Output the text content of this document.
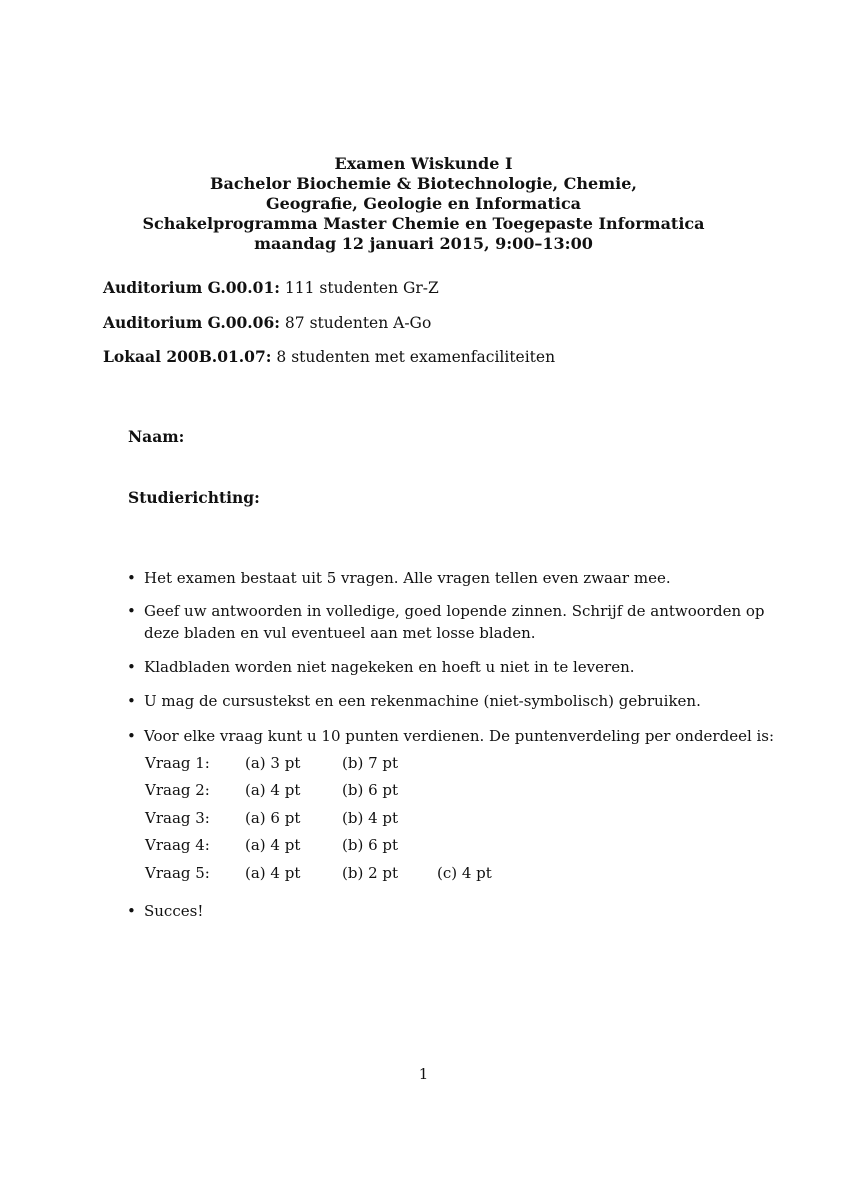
Examen Wiskunde I
Bachelor Biochemie & Biotechnologie, Chemie,
Geografie, Geologie en Informatica
Schakelprogramma Master Chemie en Toegepaste Informatica
maandag 12 januari 2015, 9:00–13:00
Auditorium G.00.01: 111 studenten Gr-Z
Auditorium G.00.06: 87 studenten A-Go
Lokaal 200B.01.07: 8 studenten met examenfaciliteiten
Naam:
Studierichting:
• Het examen bestaat uit 5 vragen. Alle vragen tellen even zwaar mee.
• Geef uw antwoorden in volledige, goed lopende zinnen. Schrijf de antwoorden op
deze bladen en vul eventueel aan met losse bladen.
• Kladbladen worden niet nagekeken en hoeft u niet in te leveren.
• U mag de cursustekst en een rekenmachine (niet-symbolisch) gebruiken.
• Voor elke vraag kunt u 10 punten verdienen. De puntenverdeling per onderdeel is:
Vraag 1: (a) 3 pt	(b) 7 pt
Vraag 2: (a) 4 pt	(b) 6 pt
Vraag 3: (a) 6 pt	(b) 4 pt
Vraag 4: (a) 4 pt	(b) 6 pt
Vraag 5: (a) 4 pt	(b) 2 pt	(c) 4 pt
• Succes!
1
